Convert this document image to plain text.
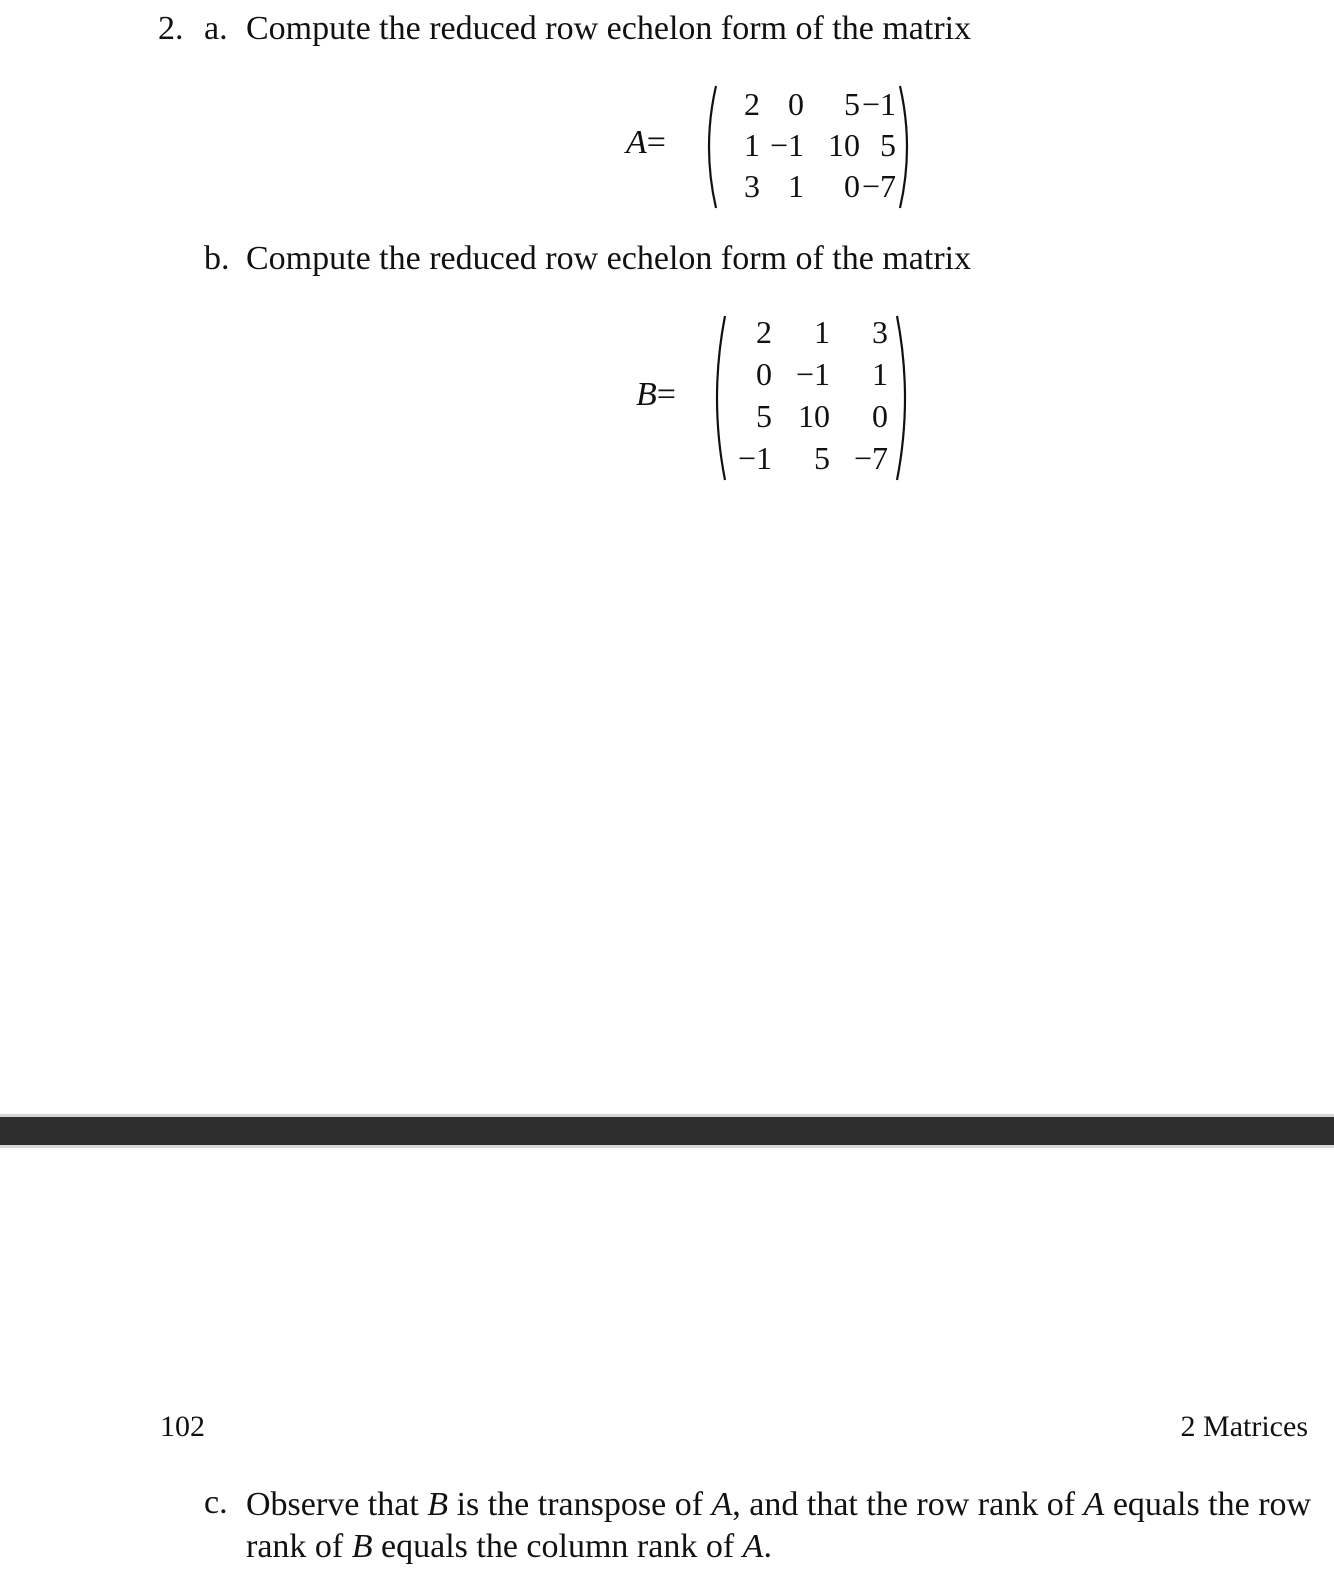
2. a. Compute the reduced row echelon form of the matrix
A=
2 0 5 −1
1 −1 10 5
3 1 0 −7
b. Compute the reduced row echelon form of the matrix
B=
2 1 3
0 −1 1
5 10 0
−1 5 −7
102	2 Matrices
c. Observe that B is the transpose of A, and that the row rank of A equals the row rank of B equals the column rank of A.
